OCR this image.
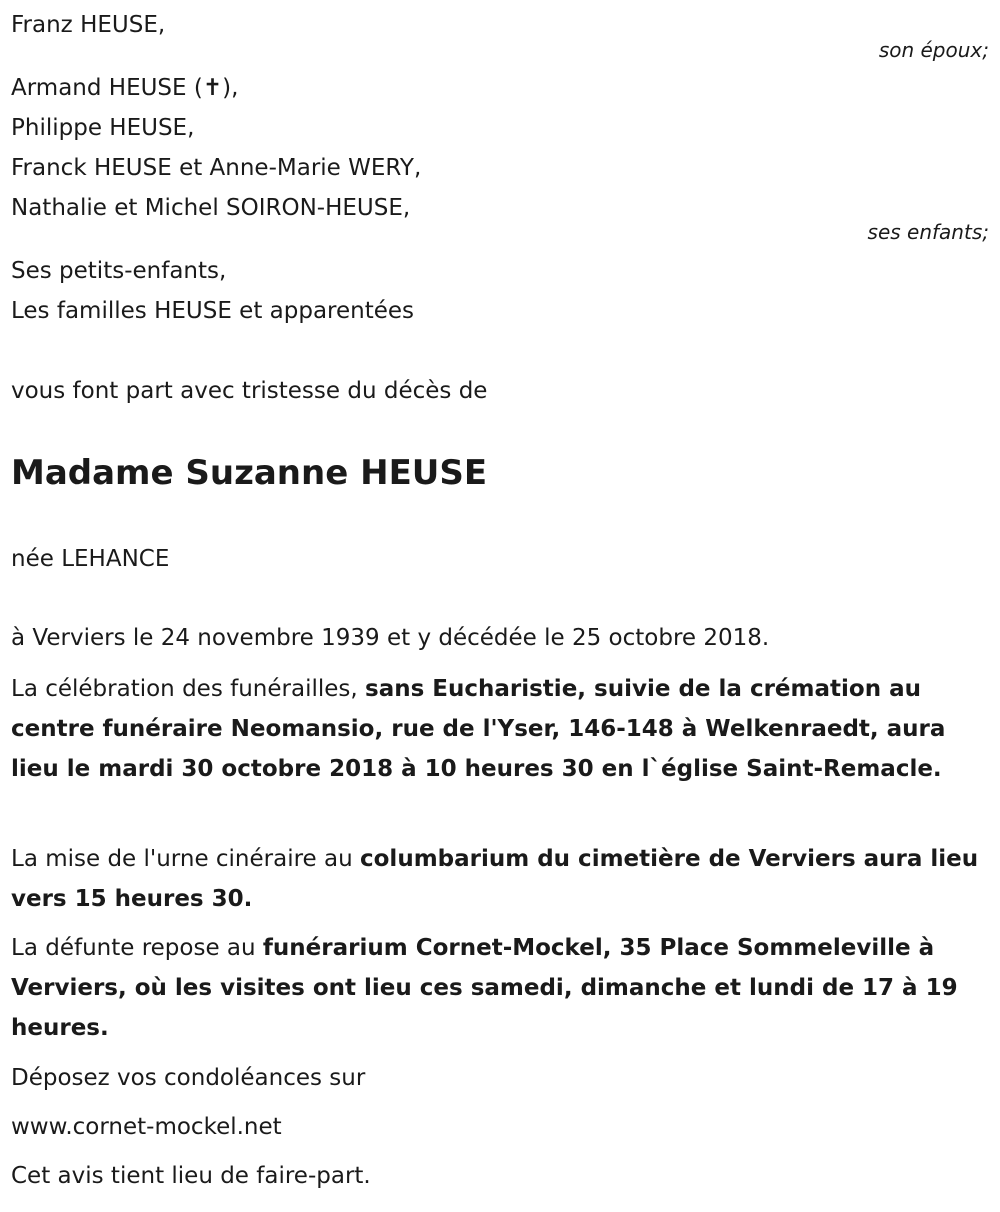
Franz HEUSE,

son époux;

Armand HEUSE (✝),

Philippe HEUSE,

Franck HEUSE et Anne-Marie WERY,

Nathalie et Michel SOIRON-HEUSE,

ses enfants;

Ses petits-enfants,

Les familles HEUSE et apparentées

vous font part avec tristesse du décès de

Madame Suzanne HEUSE

née LEHANCE

à Verviers le 24 novembre 1939 et y décédée le 25 octobre 2018.

La célébration des funérailles, sans Eucharistie, suivie de la crémation au centre funéraire Neomansio, rue de l'Yser, 146-148 à Welkenraedt, aura lieu le mardi 30 octobre 2018 à 10 heures 30 en l`église Saint-Remacle.

La mise de l'urne cinéraire au columbarium du cimetière de Verviers aura lieu vers 15 heures 30.

La défunte repose au funérarium Cornet-Mockel, 35 Place Sommeleville à Verviers, où les visites ont lieu ces samedi, dimanche et lundi de 17 à 19 heures.

Déposez vos condoléances sur

www.cornet-mockel.net

Cet avis tient lieu de faire-part.
